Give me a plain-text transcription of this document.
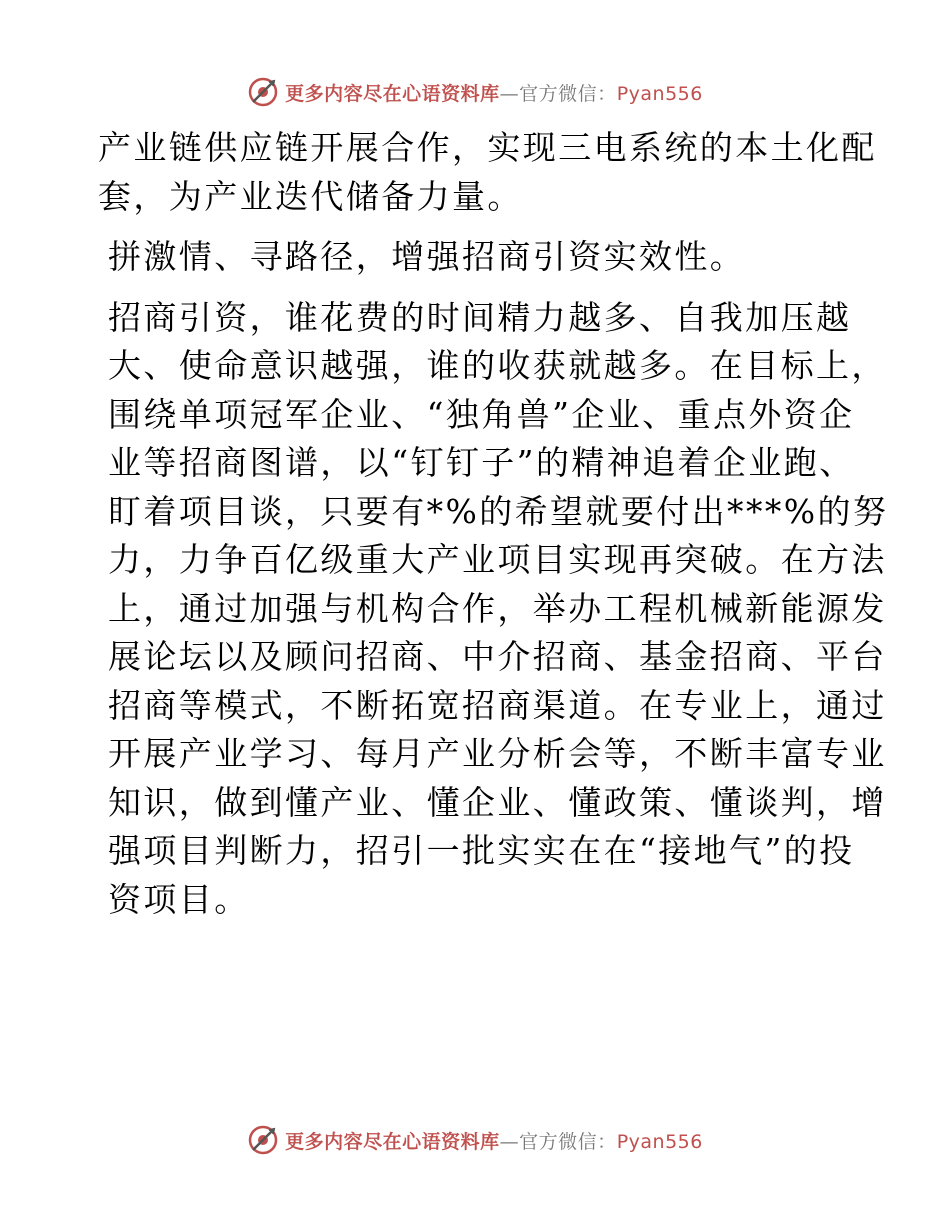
更多内容尽在心语资料库—官方微信：Pyan556

产业链供应链开展合作，实现三电系统的本土化配
套，为产业迭代储备力量。

拼激情、寻路径，增强招商引资实效性。

招商引资，谁花费的时间精力越多、自我加压越
大、使命意识越强，谁的收获就越多。在目标上，
围绕单项冠军企业、“独角兽”企业、重点外资企
业等招商图谱，以“钉钉子”的精神追着企业跑、
盯着项目谈，只要有*%的希望就要付出***%的努
力，力争百亿级重大产业项目实现再突破。在方法
上，通过加强与机构合作，举办工程机械新能源发
展论坛以及顾问招商、中介招商、基金招商、平台
招商等模式，不断拓宽招商渠道。在专业上，通过
开展产业学习、每月产业分析会等，不断丰富专业
知识，做到懂产业、懂企业、懂政策、懂谈判，增
强项目判断力，招引一批实实在在“接地气”的投
资项目。

更多内容尽在心语资料库—官方微信：Pyan556
